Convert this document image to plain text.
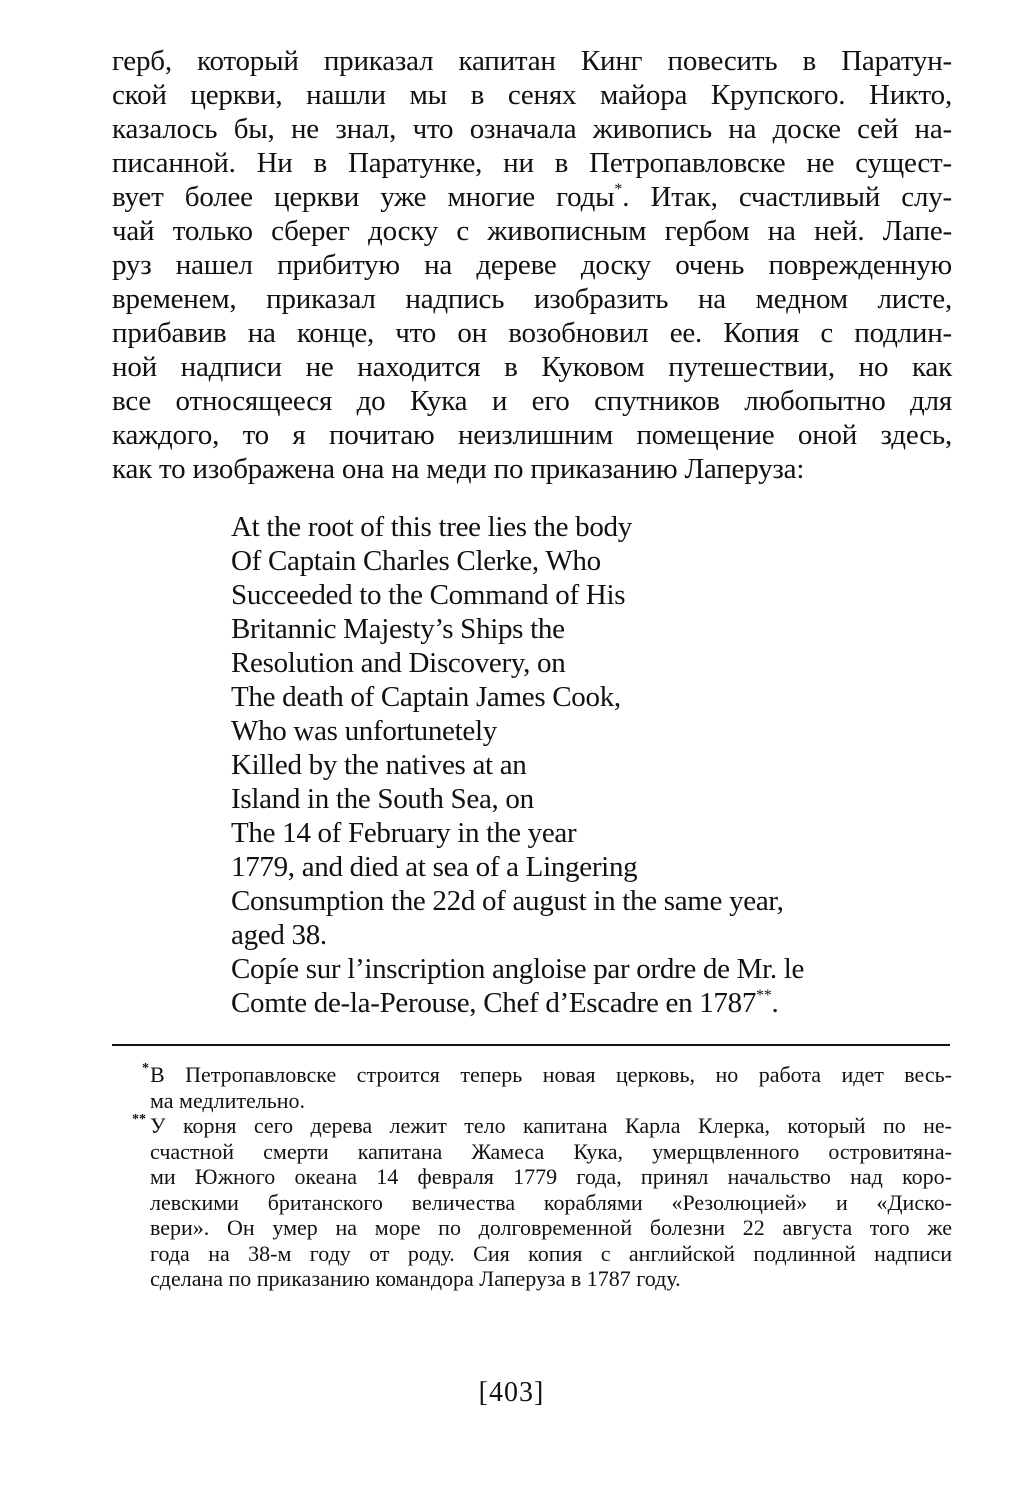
герб, который приказал капитан Кинг повесить в Паратун-
ской церкви, нашли мы в сенях майора Крупского. Никто,
казалось бы, не знал, что означала живопись на доске сей на-
писанной. Ни в Паратунке, ни в Петропавловске не сущест-
вует более церкви уже многие годы*. Итак, счастливый слу-
чай только сберег доску с живописным гербом на ней. Лапе-
руз нашел прибитую на дереве доску очень поврежденную
временем, приказал надпись изобразить на медном листе,
прибавив на конце, что он возобновил ее. Копия с подлин-
ной надписи не находится в Куковом путешествии, но как
все относящееся до Кука и его спутников любопытно для
каждого, то я почитаю неизлишним помещение оной здесь,
как то изображена она на меди по приказанию Лаперуза:
At the root of this tree lies the body
Of Captain Charles Clerke, Who
Succeeded to the Command of His
Britannic Majesty’s Ships the
Resolution and Discovery, on
The death of Captain James Cook,
Who was unfortunetely
Killed by the natives at an
Island in the South Sea, on
The 14 of February in the year
1779, and died at sea of a Lingering
Consumption the 22d of august in the same year,
aged 38.
Copíe sur l’inscription angloise par ordre de Mr. le
Comte de-la-Perouse, Chef d’Escadre en 1787**.
* В Петропавловске строится теперь новая церковь, но работа идет весь-
ма медлительно.
** У корня сего дерева лежит тело капитана Карла Клерка, который по не-
счастной смерти капитана Жамеса Кука, умерщвленного островитяна-
ми Южного океана 14 февраля 1779 года, принял начальство над коро-
левскими британского величества кораблями «Резолюцией» и «Диско-
вери». Он умер на море по долговременной болезни 22 августа того же
года на 38-м году от роду. Сия копия с английской подлинной надписи
сделана по приказанию командора Лаперуза в 1787 году.
[403]
